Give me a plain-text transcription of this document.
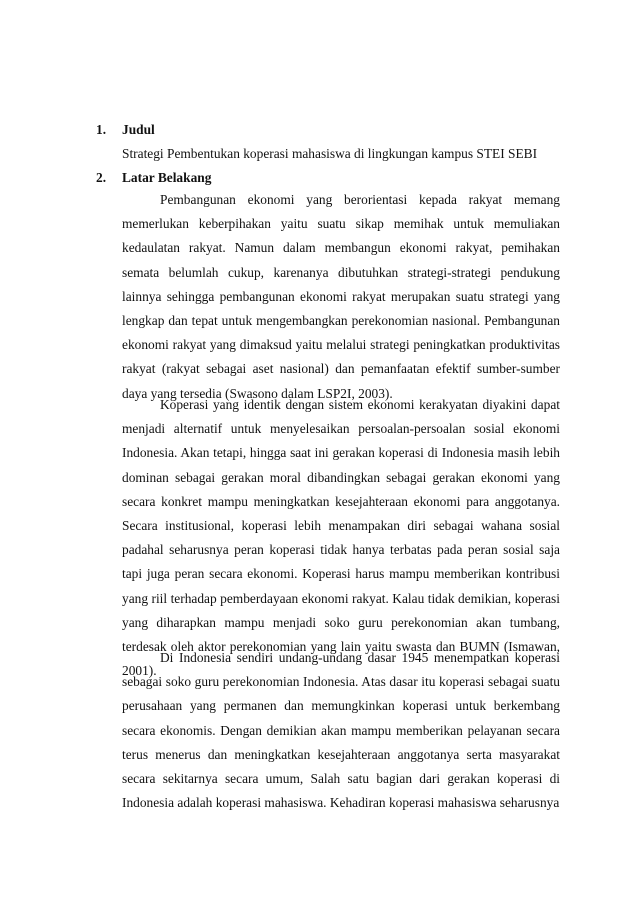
1. Judul
Strategi Pembentukan koperasi mahasiswa di lingkungan kampus STEI SEBI
2. Latar Belakang

Pembangunan ekonomi yang berorientasi kepada rakyat memang memerlukan keberpihakan yaitu suatu sikap memihak untuk memuliakan kedaulatan rakyat. Namun dalam membangun ekonomi rakyat, pemihakan semata belumlah cukup, karenanya dibutuhkan strategi-strategi pendukung lainnya sehingga pembangunan ekonomi rakyat merupakan suatu strategi yang lengkap dan tepat untuk mengembangkan perekonomian nasional. Pembangunan ekonomi rakyat yang dimaksud yaitu melalui strategi peningkatkan produktivitas rakyat (rakyat sebagai aset nasional) dan pemanfaatan efektif sumber-sumber daya yang tersedia (Swasono dalam LSP2I, 2003).

Koperasi yang identik dengan sistem ekonomi kerakyatan diyakini dapat menjadi alternatif untuk menyelesaikan persoalan-persoalan sosial ekonomi Indonesia. Akan tetapi, hingga saat ini gerakan koperasi di Indonesia masih lebih dominan sebagai gerakan moral dibandingkan sebagai gerakan ekonomi yang secara konkret mampu meningkatkan kesejahteraan ekonomi para anggotanya. Secara institusional, koperasi lebih menampakan diri sebagai wahana sosial padahal seharusnya peran koperasi tidak hanya terbatas pada peran sosial saja tapi juga peran secara ekonomi. Koperasi harus mampu memberikan kontribusi yang riil terhadap pemberdayaan ekonomi rakyat. Kalau tidak demikian, koperasi yang diharapkan mampu menjadi soko guru perekonomian akan tumbang, terdesak oleh aktor perekonomian yang lain yaitu swasta dan BUMN (Ismawan, 2001).

Di Indonesia sendiri undang-undang dasar 1945 menempatkan koperasi sebagai soko guru perekonomian Indonesia. Atas dasar itu koperasi sebagai suatu perusahaan yang permanen dan memungkinkan koperasi untuk berkembang secara ekonomis. Dengan demikian akan mampu memberikan pelayanan secara terus menerus dan meningkatkan kesejahteraan anggotanya serta masyarakat secara sekitarnya secara umum, Salah satu bagian dari gerakan koperasi di Indonesia adalah koperasi mahasiswa. Kehadiran koperasi mahasiswa seharusnya
